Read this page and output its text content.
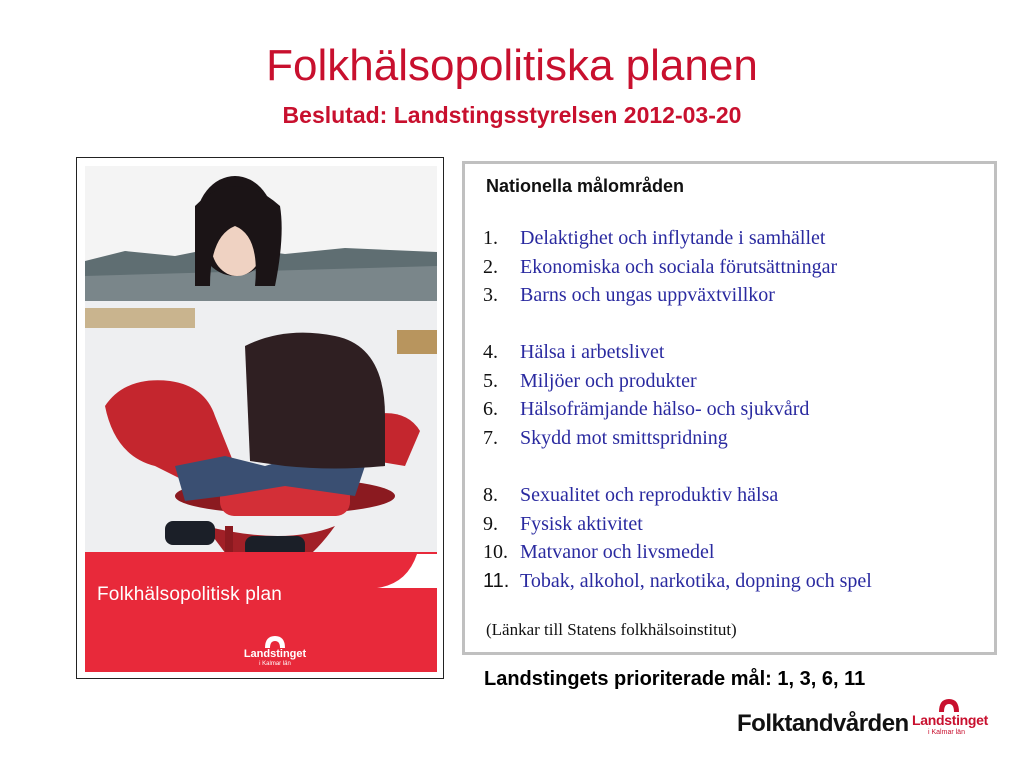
Folkhälsopolitiska planen
Beslutad: Landstingsstyrelsen 2012-03-20
Folkhälsopolitisk plan
Landstinget
i Kalmar län
Nationella målområden
1. Delaktighet och inflytande i samhället
2. Ekonomiska och sociala förutsättningar
3. Barns och ungas uppväxtvillkor
4. Hälsa i arbetslivet
5. Miljöer och produkter
6. Hälsofrämjande hälso- och sjukvård
7. Skydd mot smittspridning
8. Sexualitet och reproduktiv hälsa
9. Fysisk aktivitet
10. Matvanor och livsmedel
11. Tobak, alkohol, narkotika, dopning och spel
(Länkar till Statens folkhälsoinstitut)
Landstingets prioriterade mål: 1, 3, 6, 11
Folktandvården Landstinget
i Kalmar län
